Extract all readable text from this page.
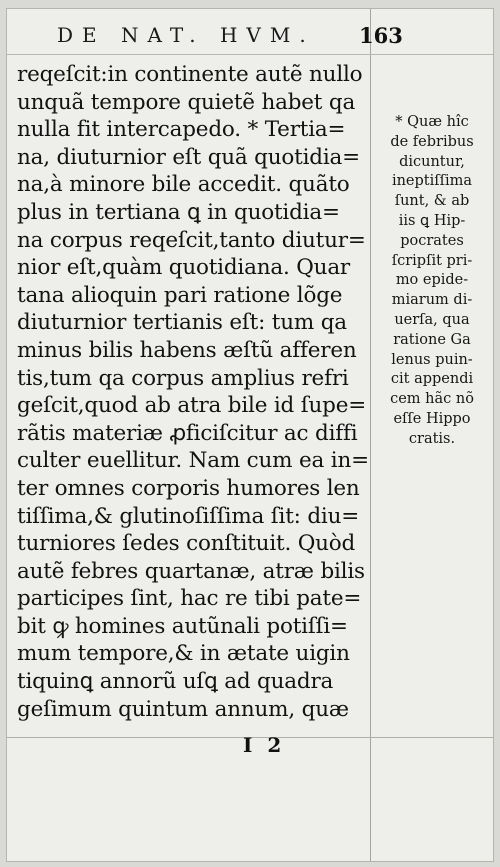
DE NAT. HVM.	163
reqeſcit:in continente autẽ nullo
unquã tempore quietẽ habet qa
nulla fit intercapedo. * Tertia=
na, diuturnior eſt quã quotidia=
na,à minore bile accedit. quãto
plus in tertiana ꝗ in quotidia=
na corpus reqeſcit,tanto diutur=
nior eſt,quàm quotidiana. Quar
tana alioquin pari ratione lõge
diuturnior tertianis eſt: tum qa
minus bilis habens æſtũ afferen
tis,tum qa corpus amplius refri
geſcit,quod ab atra bile id ſupe=
rãtis materiæ ꝓficiſcitur ac diffi
culter euellitur. Nam cum ea in=
ter omnes corporis humores len
tiſſima,& glutinoſiſſima ſit: diu=
turniores ſedes conſtituit. Quòd
autẽ febres quartanæ, atræ bilis
participes ſint, hac re tibi pate=
bit ꝙ homines autũnali potiſſi=
mum tempore,& in ætate uigin
tiquinꝗ annorũ uſꝗ ad quadra
geſimum quintum annum, quæ
* Quæ hîc
de febribus
dicuntur,
ineptiſſima
ſunt, & ab
iis ꝗ Hip-
pocrates
ſcripſit pri-
mo epide-
miarum di-
uerſa, qua
ratione Ga
lenus puin-
cit appendi
cem hãc nõ
eſſe Hippo
cratis.
I 2
